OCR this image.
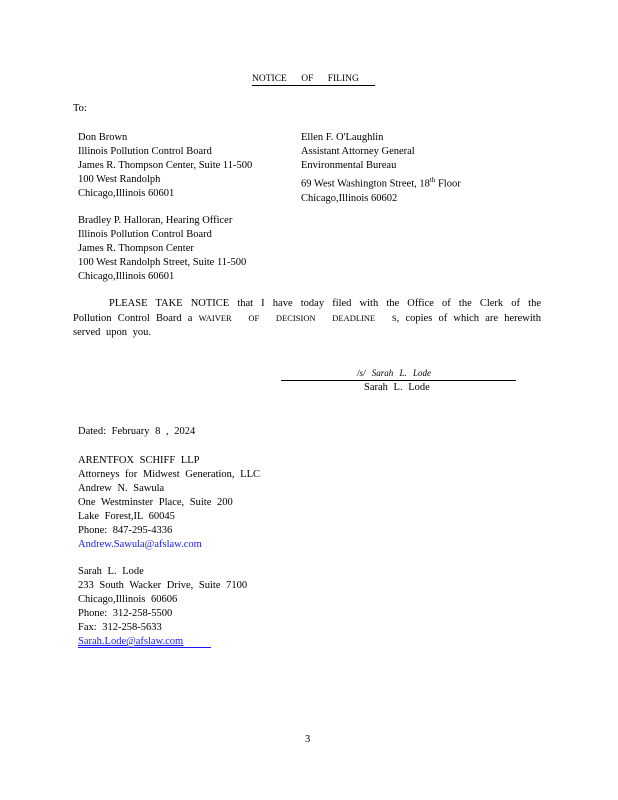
NOTICE OF FILING
To:
Don Brown
Illinois Pollution Control Board
James R. Thompson Center, Suite 11-500
100 West Randolph
Chicago,Illinois 60601
Ellen F. O'Laughlin
Assistant Attorney General
Environmental Bureau
69 West Washington Street, 18th Floor
Chicago,Illinois 60602
Bradley P. Halloran, Hearing Officer
Illinois Pollution Control Board
James R. Thompson Center
100 West Randolph Street, Suite 11-500
Chicago,Illinois 60601
PLEASE TAKE NOTICE that I have today filed with the Office of the Clerk of the Pollution Control Board a WAIVER OF DECISION DEADLINE S, copies of which are herewith served upon you.
/s/ Sarah L. Lode
Sarah L. Lode
Dated: February 8 , 2024
ARENTFOX SCHIFF LLP
Attorneys for Midwest Generation, LLC
Andrew N. Sawula
One Westminster Place, Suite 200
Lake Forest,IL 60045
Phone: 847-295-4336
Andrew.Sawula@afslaw.com
Sarah L. Lode
233 South Wacker Drive, Suite 7100
Chicago,Illinois 60606
Phone: 312-258-5500
Fax: 312-258-5633
Sarah.Lode@afslaw.com
3
